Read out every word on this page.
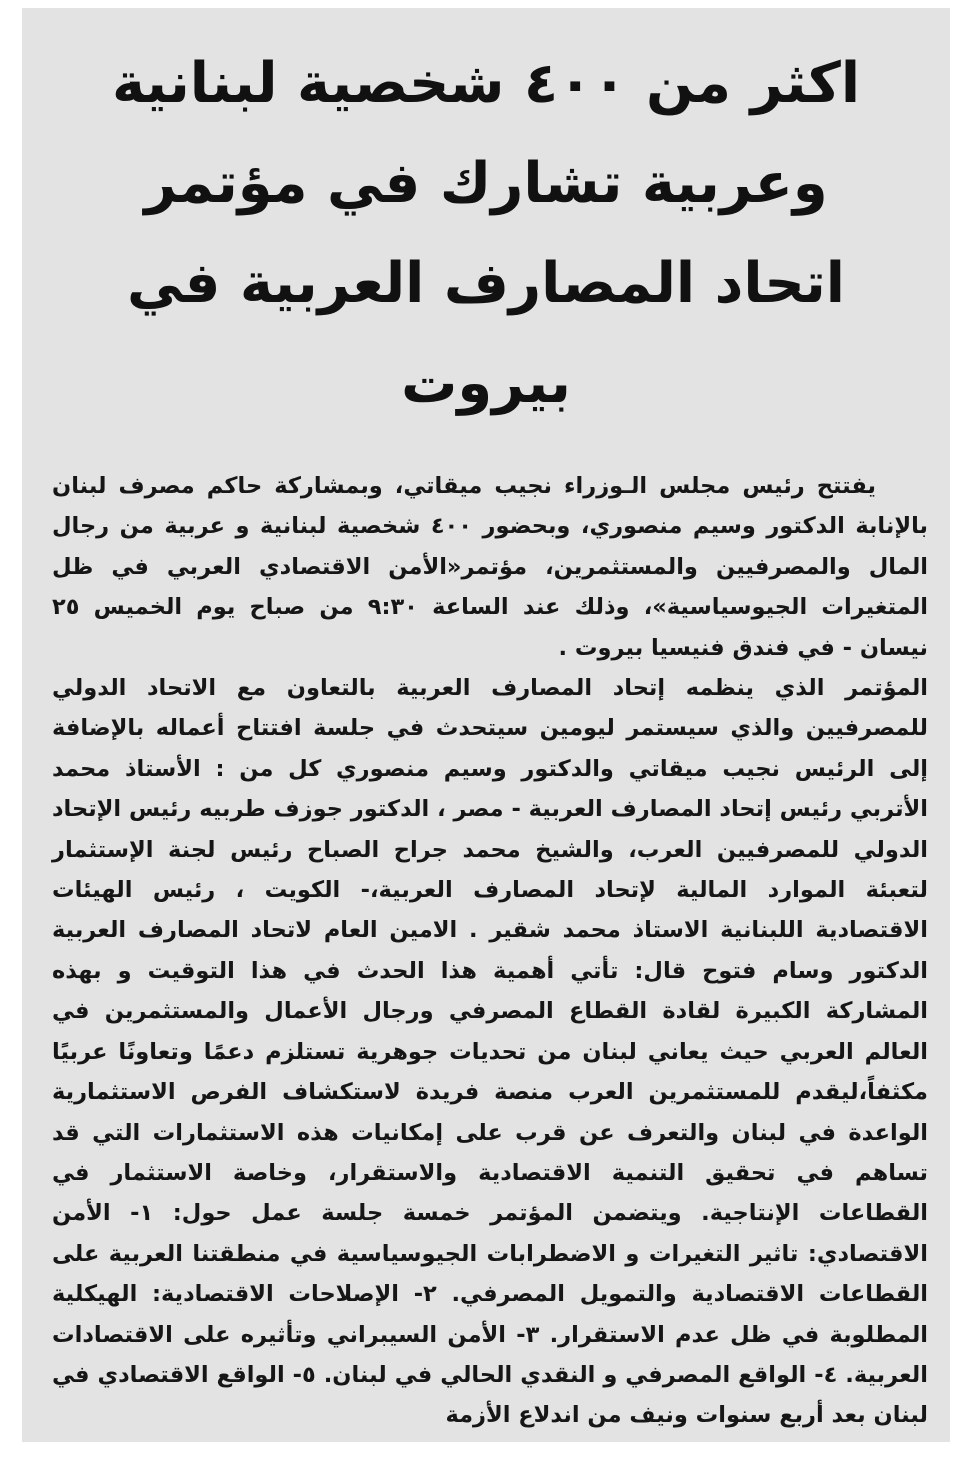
اكثر من ٤٠٠ شخصية لبنانية وعربية تشارك في مؤتمر اتحاد المصارف العربية في بيروت

يفتتح رئيس مجلس الـوزراء نجيب ميقاتي، وبمشاركة حاكم مصرف لبنان بالإنابة الدكتور وسيم منصوري، وبحضور ٤٠٠ شخصية لبنانية و عربية من رجال المال والمصرفيين والمستثمرين، مؤتمر«الأمن الاقتصادي العربي في ظل المتغيرات الجيوسياسية»، وذلك عند الساعة ٩:٣٠ من صباح يوم الخميس ٢٥ نيسان - في فندق فنيسيا بيروت .

المؤتمر الذي ينظمه إتحاد المصارف العربية بالتعاون مع الاتحاد الدولي للمصرفيين والذي سيستمر ليومين سيتحدث في جلسة افتتاح أعماله بالإضافة إلى الرئيس نجيب ميقاتي والدكتور وسيم منصوري كل من : الأستاذ محمد الأتربي رئيس إتحاد المصارف العربية - مصر ، الدكتور جوزف طربيه رئيس الإتحاد الدولي للمصرفيين العرب، والشيخ محمد جراح الصباح رئيس لجنة الإستثمار لتعبئة الموارد المالية لإتحاد المصارف العربية،- الكويت ، رئيس الهيئات الاقتصادية اللبنانية الاستاذ محمد شقير . الامين العام لاتحاد المصارف العربية الدكتور وسام فتوح قال: تأتي أهمية هذا الحدث في هذا التوقيت و بهذه المشاركة الكبيرة لقادة القطاع المصرفي ورجال الأعمال والمستثمرين في العالم العربي حيث يعاني لبنان من تحديات جوهرية تستلزم دعمًا وتعاونًا عربيًا مكثفاً،ليقدم للمستثمرين العرب منصة فريدة لاستكشاف الفرص الاستثمارية الواعدة في لبنان والتعرف عن قرب على إمكانيات هذه الاستثمارات التي قد تساهم في تحقيق التنمية الاقتصادية والاستقرار، وخاصة الاستثمار في القطاعات الإنتاجية. ويتضمن المؤتمر خمسة جلسة عمل حول: ١- الأمن الاقتصادي: تاثير التغيرات و الاضطرابات الجيوسياسية في منطقتنا العربية على القطاعات الاقتصادية والتمويل المصرفي. ٢- الإصلاحات الاقتصادية: الهيكلية المطلوبة في ظل عدم الاستقرار. ٣- الأمن السيبراني وتأثيره على الاقتصادات العربية. ٤- الواقع المصرفي و النقدي الحالي في لبنان. ٥- الواقع الاقتصادي في لبنان بعد أربع سنوات ونيف من اندلاع الأزمة
